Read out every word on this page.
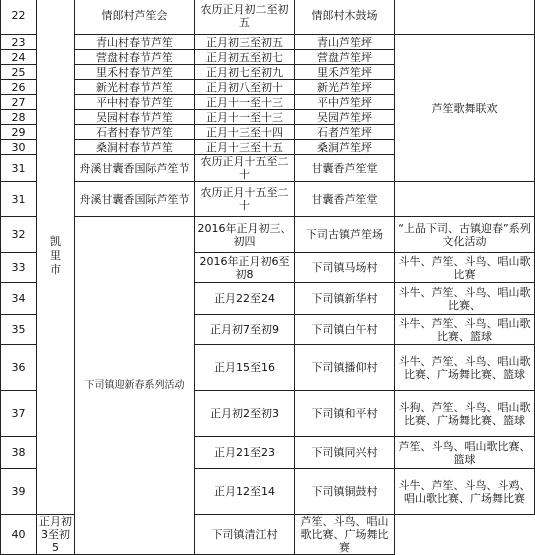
22	凯里市	情郎村芦笙会	农历正月初二至初五	情郎村木鼓场	
23		青山村春节芦笙	正月初三至初五	青山芦笙坪	芦笙歌舞联欢
24		营盘村春节芦笙	正月初五至初七	营盘芦笙坪	
25		里禾村春节芦笙	正月初七至初九	里禾芦笙坪	
26		新光村春节芦笙	正月初八至初十	新光芦笙坪	
27		平中村春节芦笙	正月十一至十三	平中芦笙坪	
28		吴园村春节芦笙	正月十一至十三	吴园芦笙坪	
29		石者村春节芦笙	正月十三至十四	石者芦笙坪	
30		桑洞村春节芦笙	正月十三至十五	桑洞芦笙坪	
31		舟溪甘囊香国际芦笙节	农历正月十五至二十	甘囊香芦笙堂	
31		舟溪甘囊香国际芦笙节	农历正月十五至二十	甘囊香芦笙堂	
32		下司镇迎新春系列活动	2016年正月初三、初四	下司古镇芦笙场	“上品下司、古镇迎春”系列文化活动
33			2016年正月初6至初8	下司镇马场村	斗牛、芦笙、斗鸟、唱山歌比赛
34			正月22至24	下司镇新华村	斗牛、芦笙、斗鸟、唱山歌比赛、
35			正月初7至初9	下司镇白午村	斗牛、芦笙、斗鸟、唱山歌比赛、篮球
36			正月15至16	下司镇播仰村	斗牛、芦笙、斗鸟、唱山歌比赛、广场舞比赛、篮球
37			正月初2至初3	下司镇和平村	斗狗、芦笙、斗鸟、唱山歌比赛、广场舞比赛、篮球
38			正月21至23	下司镇同兴村	芦笙、斗鸟、唱山歌比赛、篮球
39			正月12至14	下司镇铜鼓村	斗牛、芦笙、斗鸟、斗鸡、唱山歌比赛、广场舞比赛
40	正月初3至初5		下司镇清江村	芦笙、斗鸟、唱山歌比赛、广场舞比赛	
